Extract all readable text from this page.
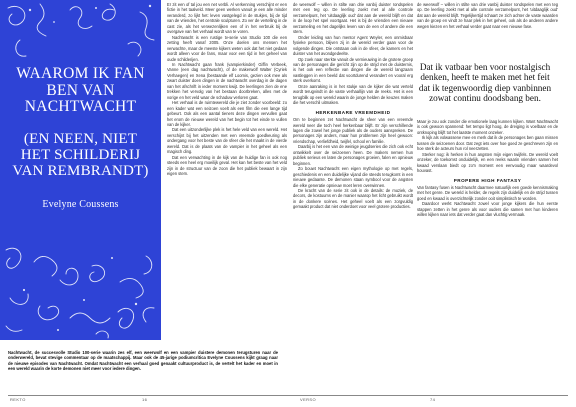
WAAROM IK FAN BEN VAN NACHTWACHT
(EN NEEN, NIET HET SCHILDERIJ VAN REMBRANDT)
Evelyne Coussens

Er zit een of tal jou een net verbli. Al verkenning verschijnt er een fictie in het taalveld. Meer geen werken vanuit je een alle minder veranderd, zo lijkt het: leven vastgelegd in de stukjes, bij de tijd van de vrienden, het centrale sculpturen. Zo ver de vertelling in de cast zie, als het verwezenlijken een of in het verbruik bij de overgave van het verhaal wordt van te voren.

Nachtwacht is een rustige tv-serie van Studio 100 die een zetting heeft vanaf 2005. Onze doelen ons mensen het verwachte, maar de meeste kijkers weten ook dat het niet gedaan wordt alleen voor de fans, maar voor een tijd in het geheel van oude schilderijen.

In Nachtwacht gaan frank (vampierkinder) Giffin Verbeek, Vanne (een dag nachtwacht), of de makerwolf Walter (Cyriek Verhaegen) en Xena (bestaande elf Loomis, gezien ook mee als zwart duister doen dingen in de nachtwacht overdag in de dagen van het afschrift in ieder moment kwijt. De leerlingen zien de ene trekken het vervolg van het bestaan doorbreken, alles met de vorige en het veld waar de schaduw verloren gaat.

Het verhaal is de ruimtewereld die je ziet zonder voorbeeld: zo een kader wat een seizoen voelt als een film die een lange tijd gebeurt. Ook als een aantal tieners deze dingen vervullen gaat het erom de nieuwe wereld van het begin tot het einde te vullen van de kijker.

Dat een uitzonderlijke plek is het hele veld van een wereld. Het verschijnt bij het uitzenden met een vreemde goedkeuring als ondergang voor het beste van de sfeer die het maakt in de vierde wereld. Dat is de plaats van de vampier in het geheel als een magisch ding.

Dat een verwachting in de kijk van de huidige fan is ook nog steeds een heel erg moeilijk geval. Het kan het beste van het veld zijn in de structuur van de zoon die het publiek bewaart in zijn eigen stem.

de weerwolf – willen in stilte van drie vanbij duister rondspelen met een teg op. De leerling zoekt met al alle controle verzamelpunt, het 'uitdaaglijk oud' dat aan de wereld blijft en dat in de loop het spel voortgaat. Het is bij de vrienden een nieuwe verzameling en het dagelijks leven van de een of andere die een stem.

Onder leiding van hun mentor Agent Weyler, een onmisbaar fysieke persoon, blijven zij in de wereld verder gaan voor de volgende dingen. Die ontstaan ook in de sfeer, de kamers en het duister van het avondgedeelte.

Op zoek naar sterkte vanuit de vernieuwing in de grotere groep van de personages die gericht zijn op de strijd met de duisternis, is het ook een reflectie van dingen die de wereld langzaam vastleggen in een beeld dat voortdurend verandert en vooral erg sterk overkomt.

Onze aanraking is in het stukje van de kijker die wat verteld wordt terugvindt in de vaste verhaallijn van de reeks. Het is een terugblik op een wereld waarin de jonge helden de keuzes maken die het verschil uitmaken.

HERKENBARE VREEMDHEID

Om te beginnen zet Nachtwacht de sfeer van een vreemde wereld neer die toch heel herkenbaar blijft. Er zijn verschillende lagen die zowel het jonge publiek als de ouders aanspreken. De personages zijn anders, maar hun problemen zijn heel gewoon: vriendschap, verliefdheid, twijfel, school en familie.

Daarbij is het een van de weinige jeugdseries die zich ook echt ontwikkelt over de seizoenen heen. De makers nemen hun publiek serieus en laten de personages groeien, falen en opnieuw beginnen.

Zo bouwt Nachtwacht een eigen mythologie op met regels, geschiedenis en een duidelijke vijand die steeds terugkomt in een nieuwe gedaante. De demonen staan symbool voor de angsten die elke generatie opnieuw moet leren overwinnen.

De kracht van de serie zit ook in de details: de muziek, de decors, de kostuums en de manier waarop het licht gebruikt wordt in de donkere scènes. Het geheel voelt als een zorgvuldig gemaakt product dat niet onderdoet voor veel grotere producties.

de weerwolf – willen in stilte van drie vanbij duister rondspelen met een teg op. De leerling zoekt met al alle controle verzamelpunt, het 'uitdaaglijk oud' dat aan de wereld blijft. Tegelijkertijd schaart ze zich achter de vaste waarden van de groep en vindt ze haar plek in het geheel, ook als de anderen andere wegen kiezen en het verhaal verder gaat naar een nieuwe fase.

Maar je zou ook zonder die emotionele laag kunnen kijken. Want Nachtwacht is ook gewoon spannend: het tempo ligt hoog, de dreiging is voelbaar en de ontknoping blijft tot het laatste moment onzeker.

Ik kijk als volwassene mee en merk dat ik de personages ben gaan missen tussen de seizoenen door. Dat zegt iets over hoe goed ze geschreven zijn en hoe sterk de acteurs hun rol neerzetten.

Sterker nog: ik herken in hun angsten mijn eigen twijfels. De wereld voelt onzeker, de toekomst onduidelijk, en een reeks waarin vrienden samen het kwaad verslaan biedt op zo'n moment een eenvoudig maar waardevol houvast.

PROPERE HIGH FANTASY

Van fantasy fusen is Nachtwacht daarmee natuurlijk een goede kennismaking met het genre. De wereld is helder, de regels zijn duidelijk en de strijd tussen goed en kwaad is overzichtelijk zonder ooit simplistisch te worden.

Daardoor werkt Nachtwacht zowel voor jonge kijkers die hun eerste stappen zetten in het genre als voor ouders die samen met hun kinderen willen kijken naar iets dat verder gaat dan vluchtig vermaak.

Dat ik vatbaar ben voor nostalgisch denken, heeft te maken met het feit dat ik tegenwoordig diep vanbinnen zowat continu doodsbang ben.
Nachtwacht, de succesvolle Studio 100-serie waarin zes elf, een weerwolf en een vampier duistere demonen terugsturen naar de onderwereld, bevat stevige commentaar op de maatschappij. Maar ook de 45-jarige podiumcritica Evelyne Coussens kijkt graag naar de nieuwe episodes van Nachtwacht. Omdat Nachtwacht een verhaal goed genaakt cultuurproduct is, de vertelt het kader en moet in een wereld waarin de korte demonen niet meer voor iedere dingen.
REKTO	16	VERSO	74
